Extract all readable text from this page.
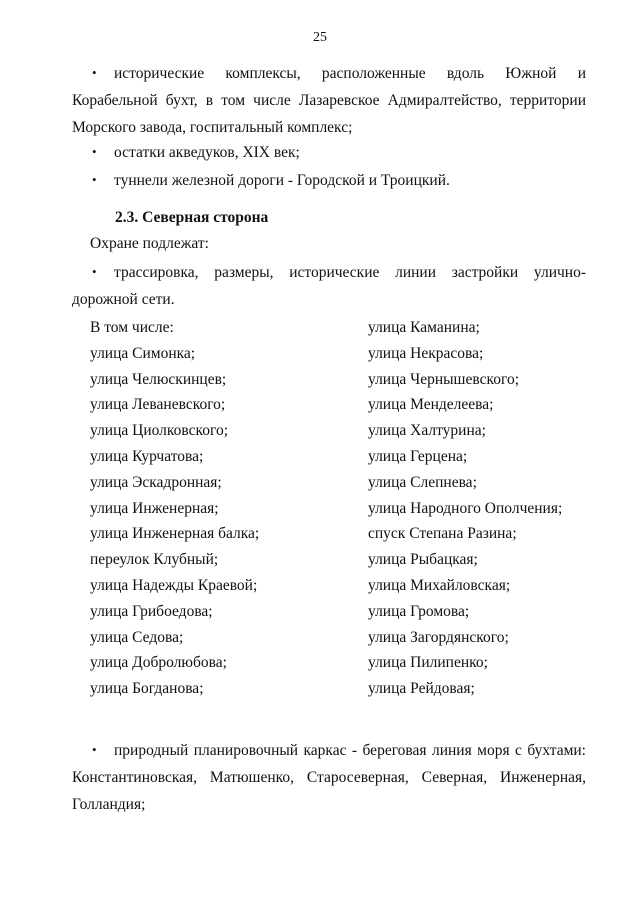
25

• исторические комплексы, расположенные вдоль Южной и Корабельной бухт, в том числе Лазаревское Адмиралтейство, территории Морского завода, госпитальный комплекс;

• остатки акведуков, XIX век;

• туннели железной дороги - Городской и Троицкий.

2.3. Северная сторона

Охране подлежат:

• трассировка, размеры, исторические линии застройки улично-дорожной сети.

В том числе:
улица Симонка;
улица Челюскинцев;
улица Леваневского;
улица Циолковского;
улица Курчатова;
улица Эскадронная;
улица Инженерная;
улица Инженерная балка;
переулок Клубный;
улица Надежды Краевой;
улица Грибоедова;
улица Седова;
улица Добролюбова;
улица Богданова;
улица Каманина;
улица Некрасова;
улица Чернышевского;
улица Менделеева;
улица Халтурина;
улица Герцена;
улица Слепнева;
улица Народного Ополчения;
спуск Степана Разина;
улица Рыбацкая;
улица Михайловская;
улица Громова;
улица Загордянского;
улица Пилипенко;
улица Рейдовая;
• природный планировочный каркас - береговая линия моря с бухтами:
Константиновская, Матюшенко, Старосеверная, Северная, Инженерная,
Голландия;
